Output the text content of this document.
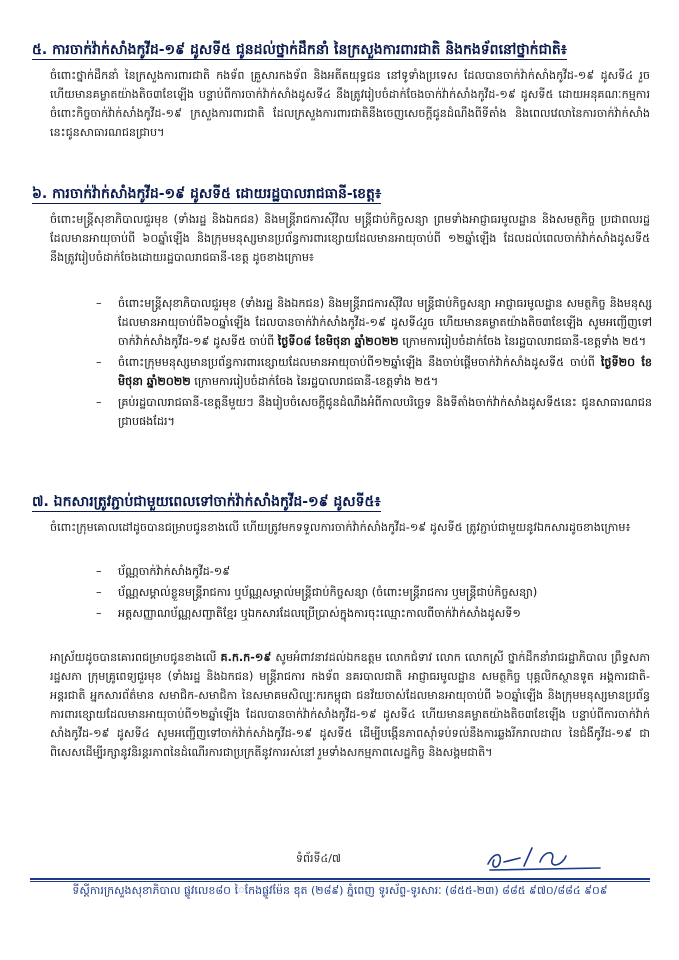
៥. ការចាក់វ៉ាក់សាំងកូវីដ-១៩ ដូសទី៥ ជូនដល់ថ្នាក់ដឹកនាំ នៃក្រសួងការពារជាតិ និងកងទ័ពនៅថ្នាក់ជាតិ៖
ចំពោះថ្នាក់ដឹកនាំ នៃក្រសួងការពារជាតិ កងទ័ព គ្រួសារកងទ័ព និងអតីតយុទ្ធជន នៅទូទាំងប្រទេស ដែលបានចាក់វ៉ាក់សាំងកូវីដ-១៩ ដូសទី៤ រួច ហើយមានគម្លាតយ៉ាងតិច៣ខែឡើង បន្ទាប់ពីការចាក់វ៉ាក់សាំងដូសទី៤ នឹងត្រូវរៀបចំដាក់ចែងចាក់វ៉ាក់សាំងកូវីដ-១៩ ដូសទី៥ ដោយអនុគណៈកម្មការចំពោះកិច្ចចាក់វ៉ាក់សាំងកូវីដ-១៩ ក្រសួងការពារជាតិ ដែលក្រសួងការពារជាតិនឹងចេញសេចក្តីជូនដំណឹងពីទីតាំង និងពេលវេលានៃការចាក់វ៉ាក់សាំងនេះជូនសាធារណជនជ្រាប។
៦. ការចាក់វ៉ាក់សាំងកូវីដ-១៩ ដូសទី៥ ដោយរដ្ឋបាលរាជធានី-ខេត្ត៖
ចំពោះមន្ត្រីសុខាភិបាលជួរមុខ (ទាំងរដ្ឋ និងឯកជន) និងមន្ត្រីរាជការស៊ីវិល មន្ត្រីជាប់កិច្ចសន្យា ព្រមទាំងអាជ្ញាធរមូលដ្ឋាន និងសមត្ថកិច្ច ប្រជាពលរដ្ឋដែលមានអាយុចាប់ពី ៦០ឆ្នាំឡើង និងក្រុមមនុស្សមានប្រព័ន្ធការពារខ្សោយដែលមានអាយុចាប់ពី ១២ឆ្នាំឡើង ដែលដល់ពេលចាក់វ៉ាក់សាំងដូសទី៥ នឹងត្រូវរៀបចំដាក់ចែងដោយរដ្ឋបាលរាជធានី-ខេត្ត ដូចខាងក្រោម៖
– ចំពោះមន្ត្រីសុខាភិបាលជួរមុខ (ទាំងរដ្ឋ និងឯកជន) និងមន្ត្រីរាជការស៊ីវិល មន្ត្រីជាប់កិច្ចសន្យា អាជ្ញាធរមូលដ្ឋាន សមត្ថកិច្ច និងមនុស្សដែលមានអាយុចាប់ពី៦០ឆ្នាំឡើង ដែលបានចាក់វ៉ាក់សាំងកូវីដ-១៩ ដូសទី៤រួច ហើយមានគម្លាតយ៉ាងតិច៣ខែឡើង សូមអញ្ជើញទៅចាក់វ៉ាក់សាំងកូវីដ-១៩ ដូសទី៥ ចាប់ពី ថ្ងៃទី០៨ ខែមិថុនា ឆ្នាំ២០២២ ក្រោមការរៀបចំដាក់ចែង នៃរដ្ឋបាលរាជធានី-ខេត្តទាំង ២៥។
– ចំពោះក្រុមមនុស្សមានប្រព័ន្ធការពារខ្សោយដែលមានអាយុចាប់ពី១២ឆ្នាំឡើង នឹងចាប់ផ្តើមចាក់វ៉ាក់សាំងដូសទី៥ ចាប់ពី ថ្ងៃទី២០ ខែមិថុនា ឆ្នាំ២០២២ ក្រោមការរៀបចំដាក់ចែង នៃរដ្ឋបាលរាជធានី-ខេត្តទាំង ២៥។
– គ្រប់រដ្ឋបាលរាជធានី-ខេត្តនីមួយៗ នឹងរៀបចំសេចក្តីជូនដំណឹងអំពីកាលបរិច្ឆេទ និងទីតាំងចាក់វ៉ាក់សាំងដូសទី៥នេះ ជូនសាធារណជនជ្រាបផងដែរ។
៧. ឯកសារត្រូវភ្ជាប់ជាមួយពេលទៅចាក់វ៉ាក់សាំងកូវីដ-១៩ ដូសទី៥៖
ចំពោះក្រុមគោលដៅដូចបានជម្រាបជូនខាងលើ ហើយត្រូវមកទទួលការចាក់វ៉ាក់សាំងកូវីដ-១៩ ដូសទី៥ ត្រូវភ្ជាប់ជាមួយនូវឯកសារដូចខាងក្រោម៖
– ប័ណ្ណចាក់វ៉ាក់សាំងកូវីដ-១៩
– ប័ណ្ណសម្គាល់ខ្លួនមន្ត្រីរាជការ ឬប័ណ្ណសម្គាល់មន្ត្រីជាប់កិច្ចសន្យា (ចំពោះមន្ត្រីរាជការ ឬមន្ត្រីជាប់កិច្ចសន្យា)
– អត្តសញ្ញាណប័ណ្ណសញ្ជាតិខ្មែរ ឬឯកសារដែលប្រើប្រាស់ក្នុងការចុះឈ្មោះកាលពីចាក់វ៉ាក់សាំងដូសទី១
អាស្រ័យដូចបានគោរពជម្រាបជូនខាងលើ គ.ក.ក-១៩ សូមអំពាវនាវដល់ឯកឧត្តម លោកជំទាវ លោក លោកស្រី ថ្នាក់ដឹកនាំរាជរដ្ឋាភិបាល ព្រឹទ្ធសភា រដ្ឋសភា ក្រុមគ្រូពេទ្យជួរមុខ (ទាំងរដ្ឋ និងឯកជន) មន្ត្រីរាជការ កងទ័ព នគរបាលជាតិ អាជ្ញាធរមូលដ្ឋាន សមត្ថកិច្ច បុគ្គលិកស្ថានទូត អង្គការជាតិ-អន្តរជាតិ អ្នកសារព័ត៌មាន សមាជិក-សមាជិកា នៃសមាគមសិល្បៈករកម្ពុជា ជនវ័យចាស់ដែលមានអាយុចាប់ពី ៦០ឆ្នាំឡើង និងក្រុមមនុស្សមានប្រព័ន្ធការពារខ្សោយដែលមានអាយុចាប់ពី១២ឆ្នាំឡើង ដែលបានចាក់វ៉ាក់សាំងកូវីដ-១៩ ដូសទី៤ ហើយមានគម្លាតយ៉ាងតិច៣ខែឡើង បន្ទាប់ពីការចាក់វ៉ាក់សាំងកូវីដ-១៩ ដូសទី៤ សូមអញ្ជើញទៅចាក់វ៉ាក់សាំងកូវីដ-១៩ ដូសទី៥ ដើម្បីបង្កើនភាពស៊ាំទប់ទល់នឹងការឆ្លងរីករាលដាល នៃជំងឺកូវីដ-១៩ ជាពិសេសដើម្បីរក្សានូវនិរន្តរភាពនៃដំណើរការជាប្រក្រតីនូវការរស់នៅ រួមទាំងសកម្មភាពសេដ្ឋកិច្ច និងសង្គមជាតិ។
ទំព័រទី៤/៧
ទីស្តីការក្រសួងសុខាភិបាល ផ្លូវលេខ៨០ ៃកែងផ្លូវម៉ែន ឌុត (២៨៩) ភ្នំពេញ ទូរស័ព្ទ-ទូរសារៈ (៨៥៥-២៣) ៨៨៥ ៩៧០/៨៨៤ ៩០៩
